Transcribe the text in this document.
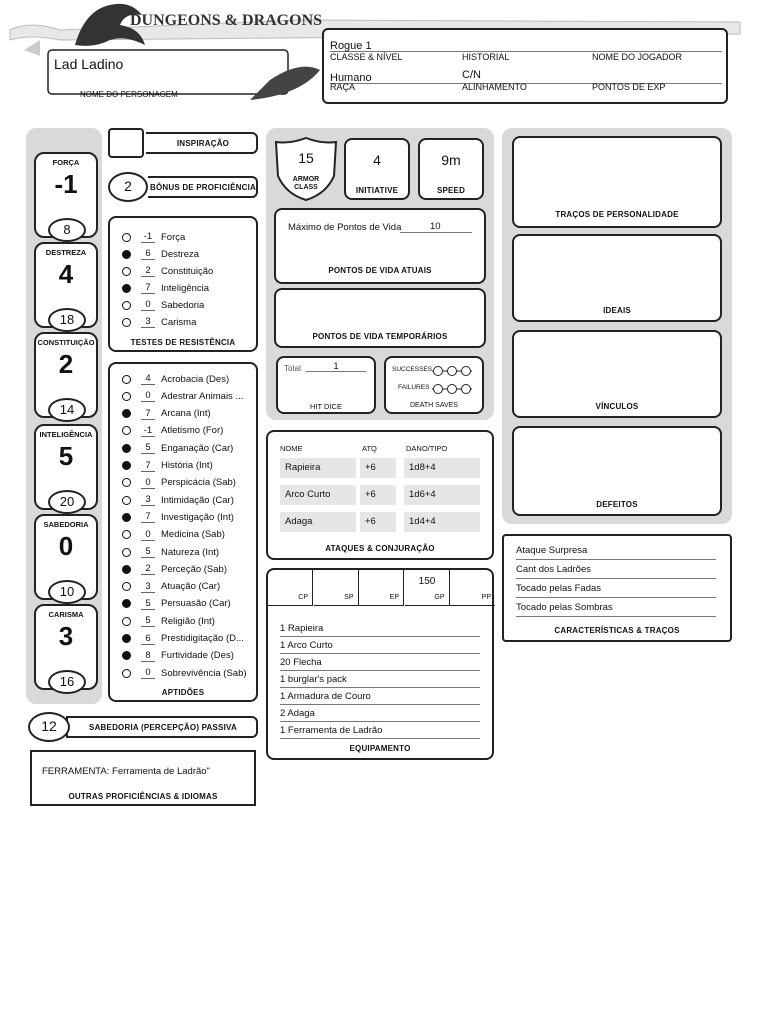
DUNGEONS & DRAGONS
Lad Ladino
NOME DO PERSONAGEM
Rogue 1
CLASSE & NÍVEL	HISTORIAL	NOME DO JOGADOR
Humano	C/N
RAÇA	ALINHAMENTO	PONTOS DE EXP
FORÇA
-1
8
DESTREZA
4
18
CONSTITUIÇÃO
2
14
INTELIGÊNCIA
5
20
SABEDORIA
0
10
CARISMA
3
16
INSPIRAÇÃO
2	BÔNUS DE PROFICIÊNCIA
-1 Força
6	Destreza
2	Constituição
7	Inteligência
0	Sabedoria
3	Carisma
TESTES DE RESISTÊNCIA
4	Acrobacia (Des)
0	Adestrar Animais ...
7	Arcana (Int)
-1 Atletismo (For)
5	Enganação (Car)
7	História (Int)
0	Perspicácia (Sab)
3	Intimidação (Car)
7	Investigação (Int)
0	Medicina (Sab)
5	Natureza (Int)
2	Perceção (Sab)
3	Atuação (Car)
5	Persuasão (Car)
5	Religião (Int)
6	Prestidigitação (D...
8	Furtividade (Des)
0	Sobrevivência (Sab)
APTIDÕES
12	SABEDORIA (PERCEPÇÃO) PASSIVA
FERRAMENTA: Ferramenta de Ladrão"
OUTRAS PROFICIÊNCIAS & IDIOMAS
15
ARMOR CLASS
4
INITIATIVE
9m
SPEED
Máximo de Pontos de Vida	10
PONTOS DE VIDA ATUAIS
PONTOS DE VIDA TEMPORÁRIOS
Total	1
HIT DICE
SUCCESSES
FAILURES
DEATH SAVES
NOME	ATQ	DANO/TIPO
ATAQUES & CONJURAÇÃO
Rapieira	+6	1d8+4
Arco Curto	+6	1d6+4
Adaga	+6	1d4+4
CP	SP	EP
150
GP	PP
EQUIPAMENTO
1 Rapieira
1 Arco Curto
20 Flecha
1 burglar's pack
1 Armadura de Couro
2 Adaga
1 Ferramenta de Ladrão
TRAÇOS DE PERSONALIDADE
IDEAIS
VÍNCULOS
DEFEITOS
CARACTERÍSTICAS & TRAÇOS
Ataque Surpresa
Cant dos Ladrões
Tocado pelas Fadas
Tocado pelas Sombras
